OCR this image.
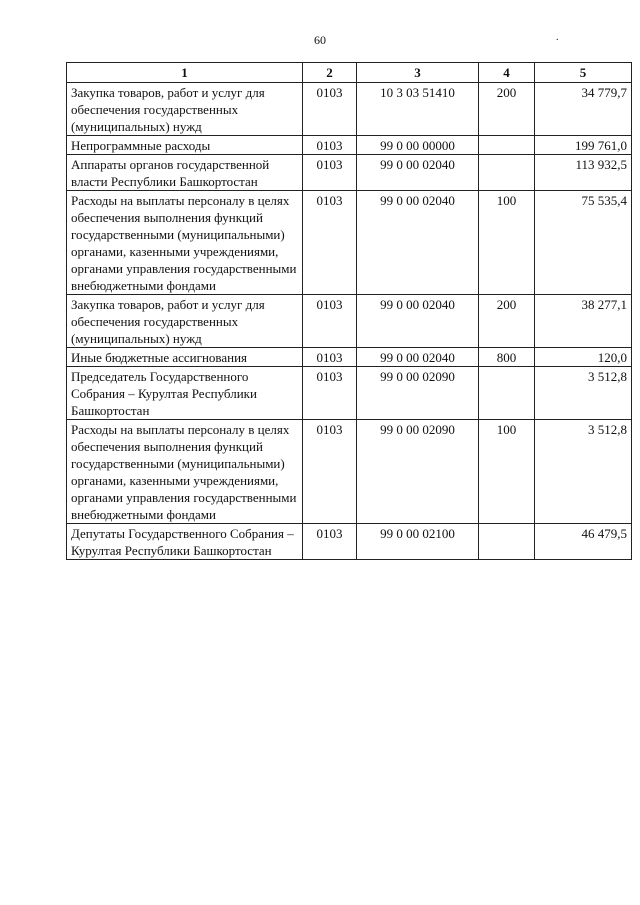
60	.
1	2	3	4	5
Закупка товаров, работ и услуг для обеспечения государственных (муниципальных) нужд	0103	10 3 03 51410	200	34 779,7
Непрограммные расходы	0103	99 0 00 00000		199 761,0
Аппараты органов государственной власти Республики Башкортостан	0103	99 0 00 02040		113 932,5
Расходы на выплаты персоналу в целях обеспечения выполнения функций государственными (муниципальными) органами, казенными учреждениями, органами управления государственными внебюджетными фондами	0103	99 0 00 02040	100	75 535,4
Закупка товаров, работ и услуг для обеспечения государственных (муниципальных) нужд	0103	99 0 00 02040	200	38 277,1
Иные бюджетные ассигнования	0103	99 0 00 02040	800	120,0
Председатель Государственного Собрания – Курултая Республики Башкортостан	0103	99 0 00 02090		3 512,8
Расходы на выплаты персоналу в целях обеспечения выполнения функций государственными (муниципальными) органами, казенными учреждениями, органами управления государственными внебюджетными фондами	0103	99 0 00 02090	100	3 512,8
Депутаты Государственного Собрания – Курултая Республики Башкортостан	0103	99 0 00 02100		46 479,5
